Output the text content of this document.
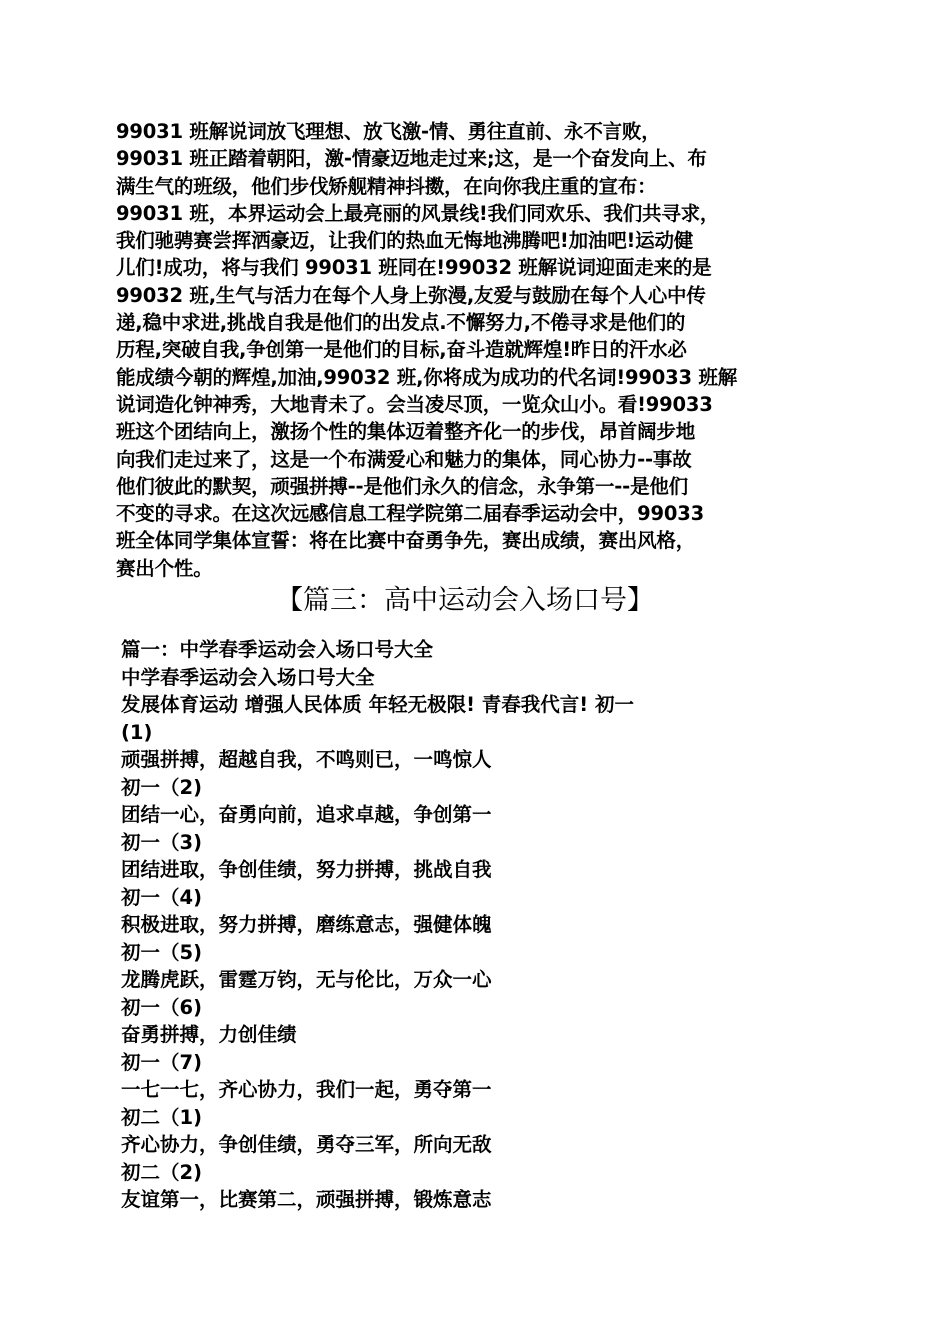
99031 班解说词放飞理想、放飞激-情、勇往直前、永不言败，
99031 班正踏着朝阳，激-情豪迈地走过来;这，是一个奋发向上、布
满生气的班级，他们步伐矫舰精神抖擞，在向你我庄重的宣布：
99031 班，本界运动会上最亮丽的风景线!我们同欢乐、我们共寻求，
我们驰骋赛尝挥洒豪迈，让我们的热血无悔地沸腾吧!加油吧!运动健
儿们!成功，将与我们 99031 班同在!99032 班解说词迎面走来的是
99032 班,生气与活力在每个人身上弥漫,友爱与鼓励在每个人心中传
递,稳中求进,挑战自我是他们的出发点.不懈努力,不倦寻求是他们的
历程,突破自我,争创第一是他们的目标,奋斗造就辉煌!昨日的汗水必
能成绩今朝的辉煌,加油,99032 班,你将成为成功的代名词!99033 班解
说词造化钟神秀，大地青未了。会当凌尽顶，一览众山小。看!99033
班这个团结向上，激扬个性的集体迈着整齐化一的步伐，昂首阔步地
向我们走过来了，这是一个布满爱心和魅力的集体，同心协力--事故
他们彼此的默契，顽强拼搏--是他们永久的信念，永争第一--是他们
不变的寻求。在这次远感信息工程学院第二届春季运动会中，99033
班全体同学集体宣誓：将在比赛中奋勇争先，赛出成绩，赛出风格，
赛出个性。
【篇三：高中运动会入场口号】
篇一：中学春季运动会入场口号大全
中学春季运动会入场口号大全
发展体育运动 增强人民体质 年轻无极限! 青春我代言! 初一
(1)
顽强拼搏，超越自我，不鸣则已，一鸣惊人
初一（2)
团结一心，奋勇向前，追求卓越，争创第一
初一（3)
团结进取，争创佳绩，努力拼搏，挑战自我
初一（4)
积极进取，努力拼搏，磨练意志，强健体魄
初一（5)
龙腾虎跃，雷霆万钧，无与伦比，万众一心
初一（6)
奋勇拼搏，力创佳绩
初一（7)
一七一七，齐心协力，我们一起，勇夺第一
初二（1)
齐心协力，争创佳绩，勇夺三军，所向无敌
初二（2)
友谊第一，比赛第二，顽强拼搏，锻炼意志
